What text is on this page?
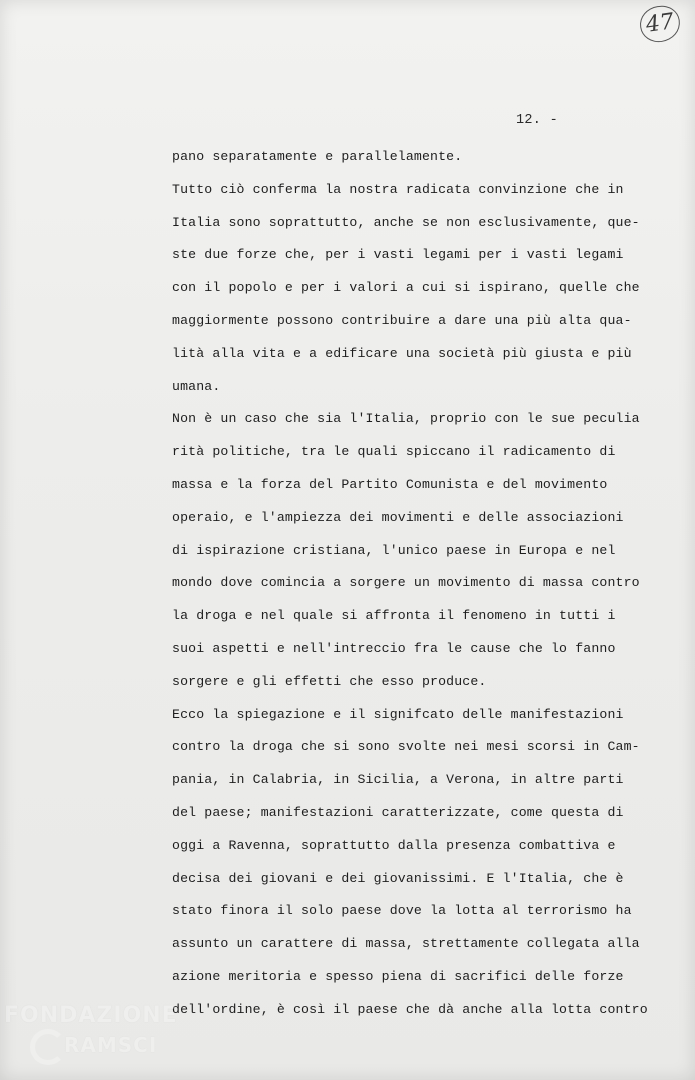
47
12. -
pano separatamente e parallelamente.
Tutto ciò conferma la nostra radicata convinzione che in
Italia sono soprattutto, anche se non esclusivamente, que-
ste due forze che, per i vasti legami per i vasti legami
con il popolo e per i valori a cui si ispirano, quelle che
maggiormente possono contribuire a dare una più alta qua-
lità alla vita e a edificare una società più giusta e più
umana.
Non è un caso che sia l'Italia, proprio con le sue peculia
rità politiche, tra le quali spiccano il radicamento di
massa e la forza del Partito Comunista e del movimento
operaio, e l'ampiezza dei movimenti e delle associazioni
di ispirazione cristiana, l'unico paese in Europa e nel
mondo dove comincia a sorgere un movimento di massa contro
la droga e nel quale si affronta il fenomeno in tutti i
suoi aspetti e nell'intreccio fra le cause che lo fanno
sorgere e gli effetti che esso produce.
Ecco la spiegazione e il signifcato delle manifestazioni
contro la droga che si sono svolte nei mesi scorsi in Cam-
pania, in Calabria, in Sicilia, a Verona, in altre parti
del paese; manifestazioni caratterizzate, come questa di
oggi a Ravenna, soprattutto dalla presenza combattiva e
decisa dei giovani e dei giovanissimi. E l'Italia, che è
stato finora il solo paese dove la lotta al terrorismo ha
assunto un carattere di massa, strettamente collegata alla
azione meritoria e spesso piena di sacrifici delle forze
dell'ordine, è così il paese che dà anche alla lotta contro
FONDAZIONE
RAMSCI
